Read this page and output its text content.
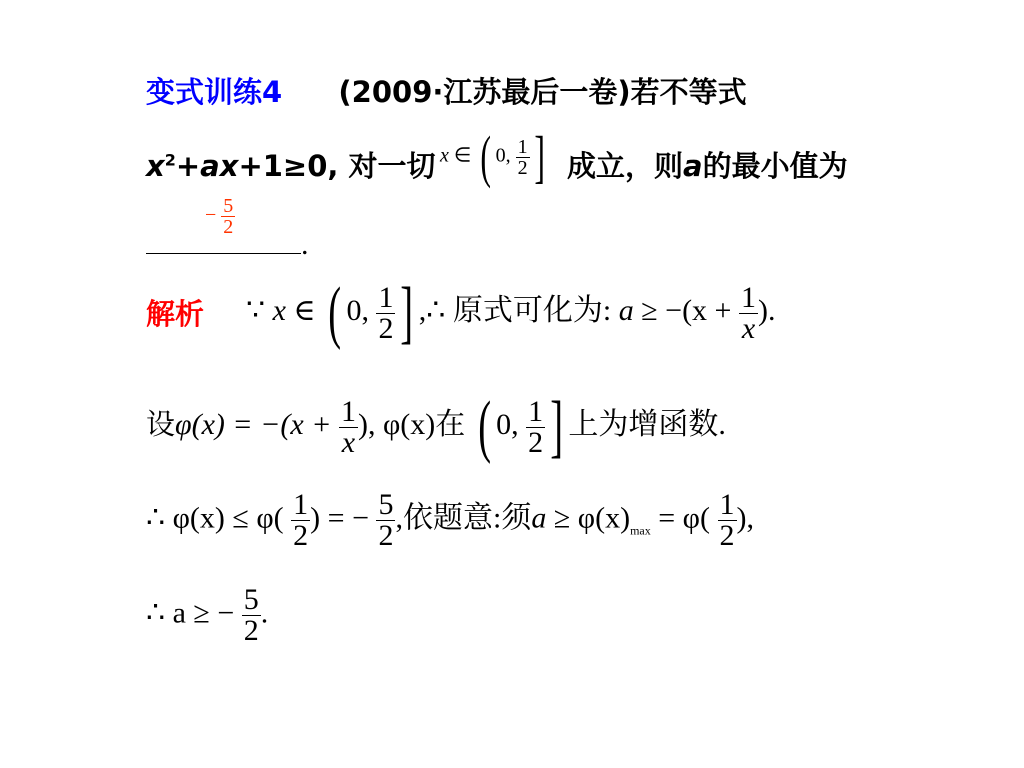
变式训练4 (2009·江苏最后一卷)若不等式
$x^2+ax+1\ge 0$, 对一切 x ∈ ( 0, $\frac{1}{2}$ ] 成立，则a的最小值为
− $\frac{5}{2}$
.
解析 ∵ x ∈ ( 0, $\frac{1}{2}$ ] ,∴ 原式可化为: $a \ge -(x + \frac{1}{x}$ ).
设$\varphi(x) = -(x + \frac{1}{x}$ ), φ(x)在 ( 0, $\frac{1}{2}$ ] 上为增函数.
∴ $\varphi(x) \le \varphi( \frac{1}{2}$ ) = − $\frac{5}{2}$ ,依题意:须$a \ge \varphi(x)_{max} = \varphi( \frac{1}{2}$ ),
∴ a ≥ − $\frac{5}{2}$ .
